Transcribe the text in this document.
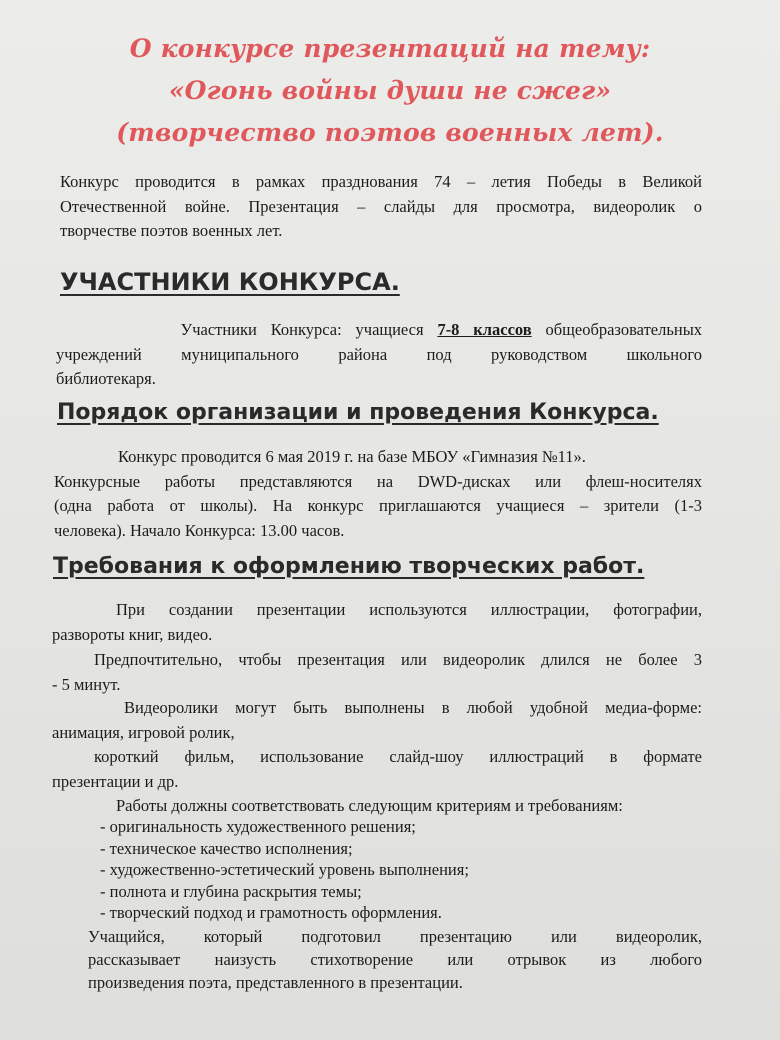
О конкурсе презентаций на тему:
«Огонь войны души не сжег»
(творчество поэтов военных лет).
Конкурс проводится в рамках празднования 74 – летия Победы в Великой
Отечественной войне. Презентация – слайды для просмотра, видеоролик о
творчестве поэтов военных лет.
УЧАСТНИКИ КОНКУРСА.
Участники Конкурса: учащиеся 7-8 классов общеобразовательных
учреждений муниципального района под руководством школьного
библиотекаря.
Порядок организации и проведения Конкурса.
Конкурс проводится 6 мая 2019 г. на базе МБОУ «Гимназия №11».
Конкурсные работы представляются на DWD-дисках или флеш-носителях
(одна работа от школы). На конкурс приглашаются учащиеся – зрители (1-3
человека). Начало Конкурса: 13.00 часов.
Требования к оформлению творческих работ.
При создании презентации используются иллюстрации, фотографии,
развороты книг, видео.
Предпочтительно, чтобы презентация или видеоролик длился не более 3
- 5 минут.
Видеоролики могут быть выполнены в любой удобной медиа-форме:
анимация, игровой ролик,
короткий фильм, использование слайд-шоу иллюстраций в формате
презентации и др.
Работы должны соответствовать следующим критериям и требованиям:
- оригинальность художественного решения;
- техническое качество исполнения;
- художественно-эстетический уровень выполнения;
- полнота и глубина раскрытия темы;
- творческий подход и грамотность оформления.
Учащийся, который подготовил презентацию или видеоролик,
рассказывает наизусть стихотворение или отрывок из любого
произведения поэта, представленного в презентации.
